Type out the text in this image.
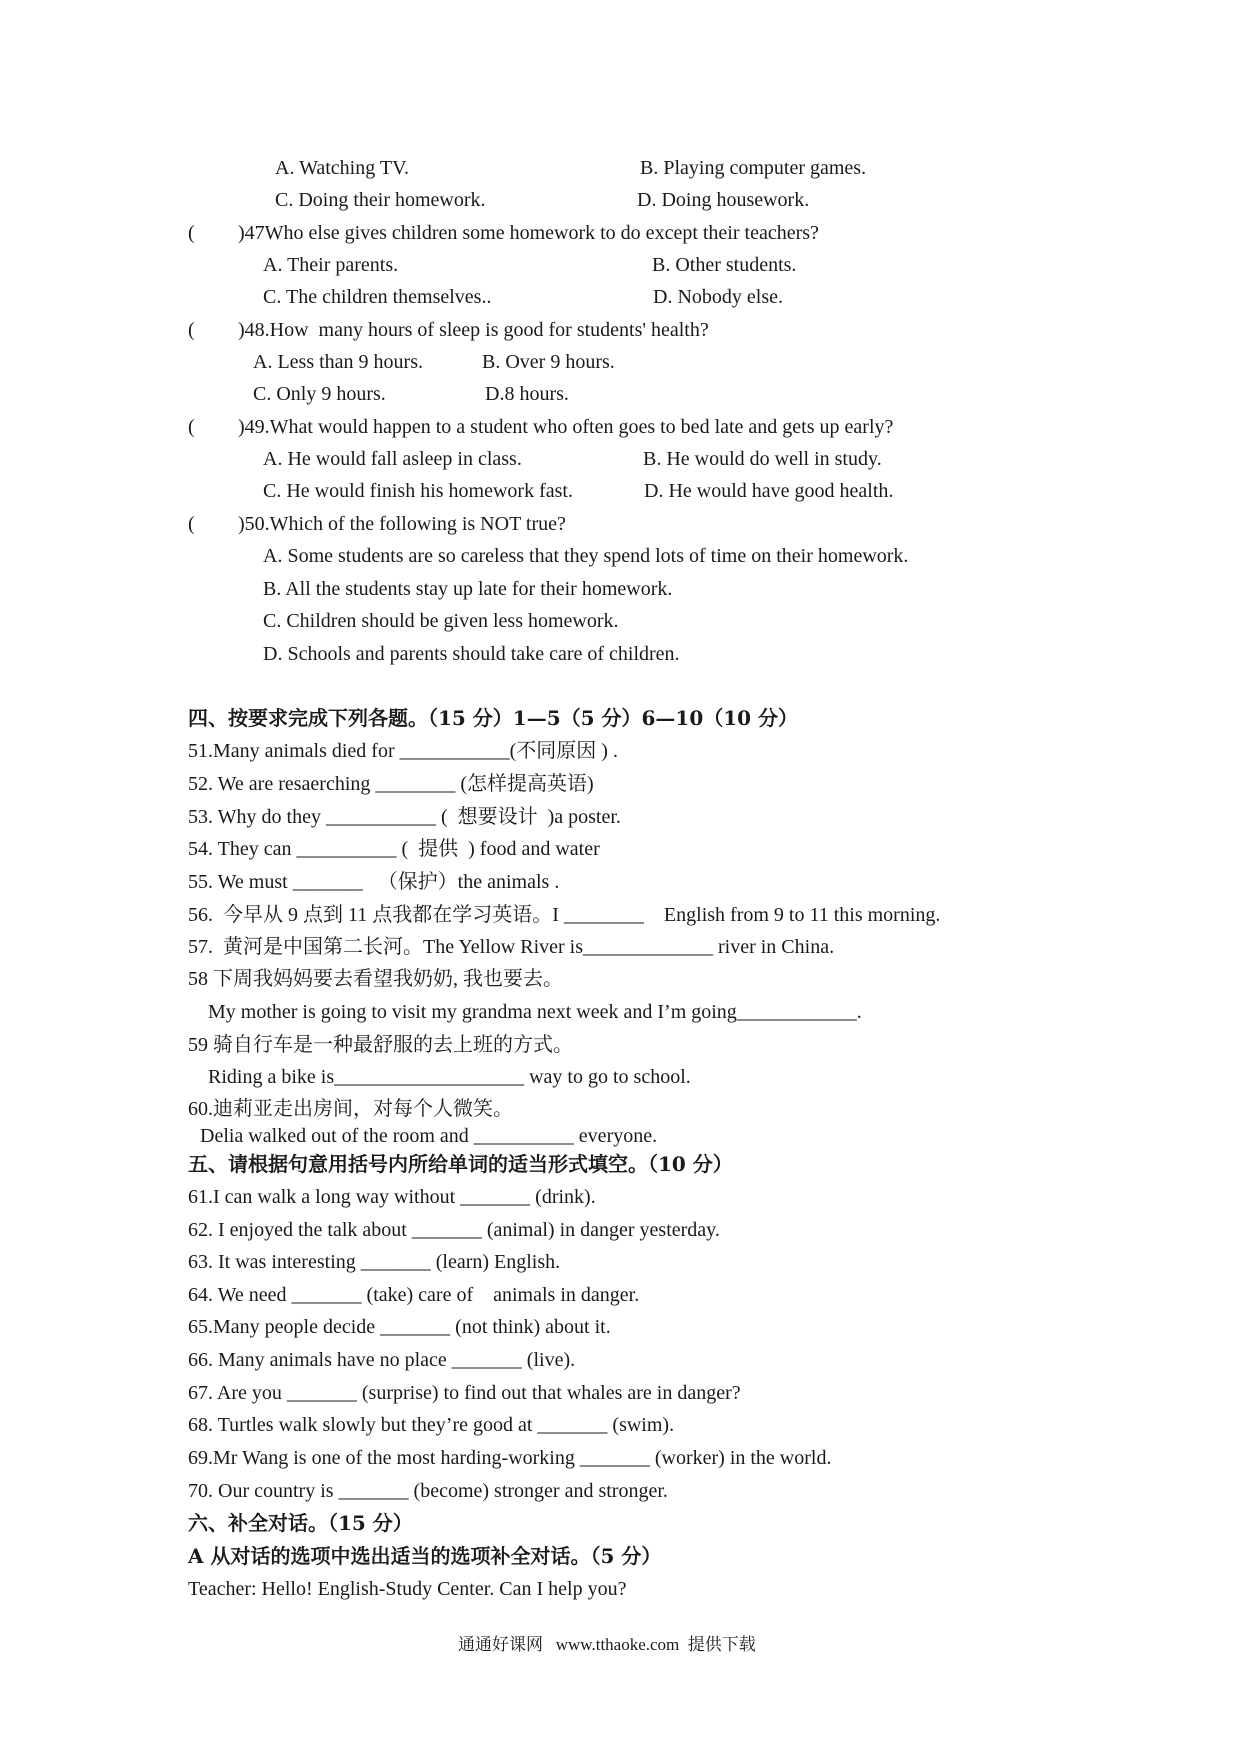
A. Watching TV.	B. Playing computer games.
C. Doing their homework.	D. Doing housework.
( )47Who else gives children some homework to do except their teachers?
A. Their parents.	B. Other students.
C. The children themselves..	D. Nobody else.
( )48.How  many hours of sleep is good for students' health?
A. Less than 9 hours.	B. Over 9 hours.
C. Only 9 hours.	D.8 hours.
( )49.What would happen to a student who often goes to bed late and gets up early?
A. He would fall asleep in class.	B. He would do well in study.
C. He would finish his homework fast.	D. He would have good health.
( )50.Which of the following is NOT true?
A. Some students are so careless that they spend lots of time on their homework.
B. All the students stay up late for their homework.
C. Children should be given less homework.
D. Schools and parents should take care of children.
四、按要求完成下列各题。（15 分）1—5（5 分）6—10（10 分）
51.Many animals died for ___________(不同原因 ) .
52. We are resaerching ________ (怎样提高英语)
53. Why do they ___________ (  想要设计  )a poster.
54. They can __________ (  提供  ) food and water
55. We must _______   （保护）the animals .
56.  今早从 9 点到 11 点我都在学习英语。I ________    English from 9 to 11 this morning.
57.  黄河是中国第二长河。The Yellow River is_____________ river in China.
58 下周我妈妈要去看望我奶奶, 我也要去。
My mother is going to visit my grandma next week and I’m going____________.
59 骑自行车是一种最舒服的去上班的方式。
Riding a bike is___________________ way to go to school.
60.迪莉亚走出房间，对每个人微笑。
Delia walked out of the room and __________ everyone.
五、请根据句意用括号内所给单词的适当形式填空。（10 分）
61.I can walk a long way without _______ (drink).
62. I enjoyed the talk about _______ (animal) in danger yesterday.
63. It was interesting _______ (learn) English.
64. We need _______ (take) care of    animals in danger.
65.Many people decide _______ (not think) about it.
66. Many animals have no place _______ (live).
67. Are you _______ (surprise) to find out that whales are in danger?
68. Turtles walk slowly but they’re good at _______ (swim).
69.Mr Wang is one of the most harding-working _______ (worker) in the world.
70. Our country is _______ (become) stronger and stronger.
六、补全对话。（15 分）
A 从对话的选项中选出适当的选项补全对话。（5 分）
Teacher: Hello! English-Study Center. Can I help you?
通通好课网   www.tthaoke.com  提供下载
